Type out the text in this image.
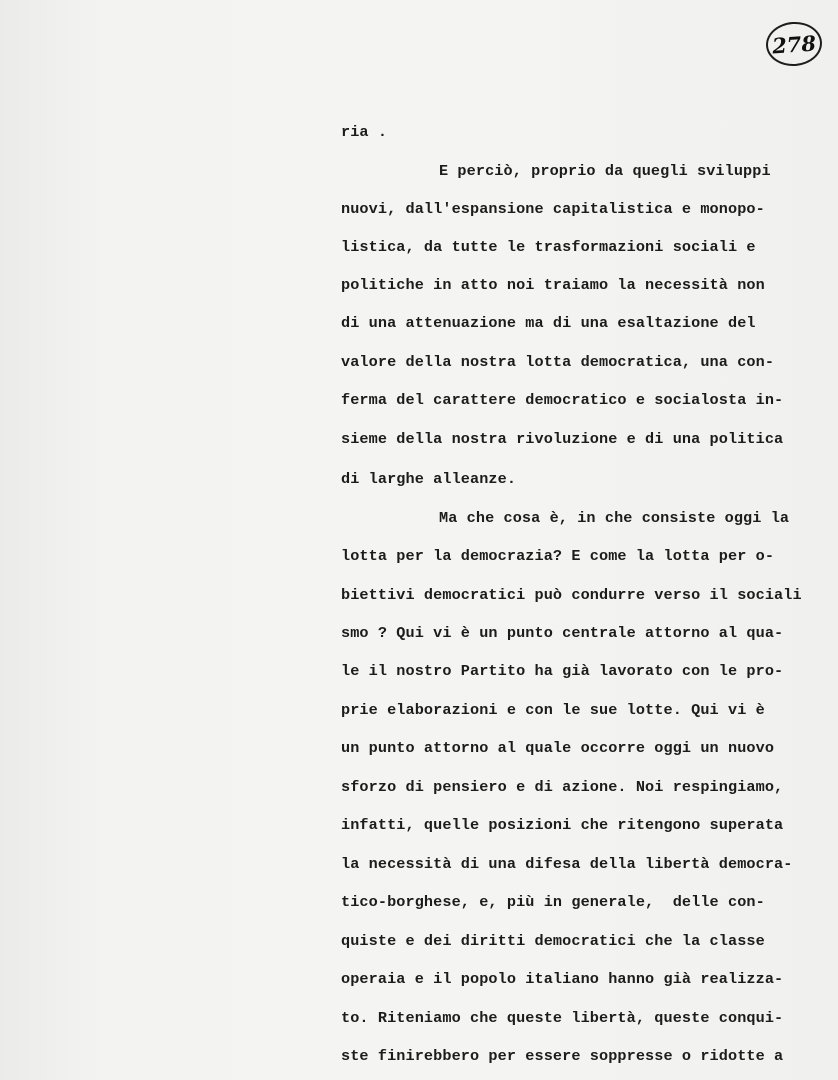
278
ria .
E perciò, proprio da quegli sviluppi
nuovi, dall'espansione capitalistica e monopo-
listica, da tutte le trasformazioni sociali e
politiche in atto noi traiamo la necessità non
di una attenuazione ma di una esaltazione del
valore della nostra lotta democratica, una con-
ferma del carattere democratico e socialosta in-
sieme della nostra rivoluzione e di una politica
di larghe alleanze.
Ma che cosa è, in che consiste oggi la
lotta per la democrazia? E come la lotta per o-
biettivi democratici può condurre verso il sociali
smo ? Qui vi è un punto centrale attorno al qua-
le il nostro Partito ha già lavorato con le pro-
prie elaborazioni e con le sue lotte. Qui vi è
un punto attorno al quale occorre oggi un nuovo
sforzo di pensiero e di azione. Noi respingiamo,
infatti, quelle posizioni che ritengono superata
la necessità di una difesa della libertà democra-
tico-borghese, e, più in generale,  delle con-
quiste e dei diritti democratici che la classe
operaia e il popolo italiano hanno già realizza-
to. Riteniamo che queste libertà, queste conqui-
ste finirebbero per essere soppresse o ridotte a
